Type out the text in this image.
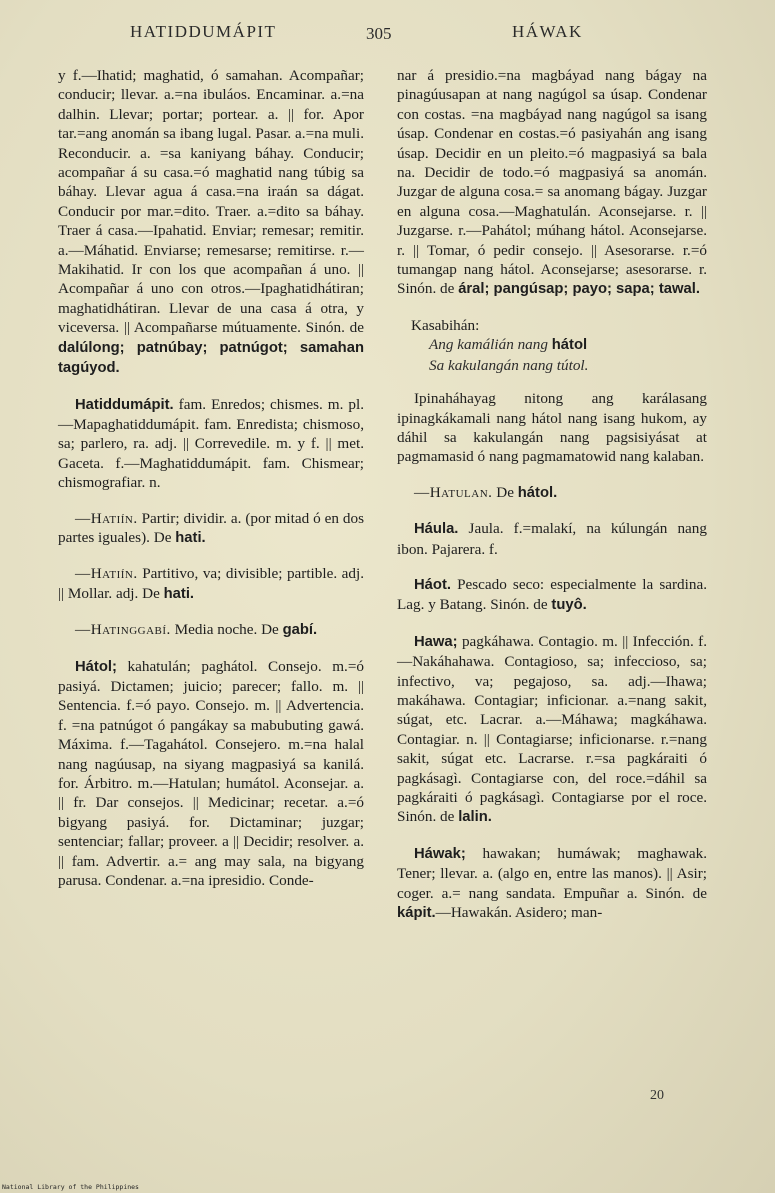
HATIDDUMÁPIT	305	HÁWAK

y f.—Ihatid; maghatid, ó samahan. Acompañar; conducir; llevar. a.=na ibuláos. Encaminar. a.=na dalhin. Llevar; portar; portear. a. || for. Apor tar.=ang anomán sa ibang lugal. Pasar. a.=na muli. Reconducir. a. =sa kaniyang báhay. Conducir; acompañar á su casa.=ó maghatid nang túbig sa báhay. Llevar agua á casa.=na iraán sa dágat. Conducir por mar.=dito. Traer. a.=dito sa báhay. Traer á casa.—Ipahatid. Enviar; remesar; remitir. a.—Máhatid. Enviarse; remesarse; remitirse. r.—Makihatid. Ir con los que acompañan á uno. || Acompañar á uno con otros.—Ipaghatidhátiran; maghatidhátiran. Llevar de una casa á otra, y viceversa. || Acompañarse mútuamente. Sinón. de dalúlong; patnúbay; patnúgot; samahan tagúyod.

Hatiddumápit. fam. Enredos; chismes. m. pl.—Mapaghatiddumápit. fam. Enredista; chismoso, sa; parlero, ra. adj. || Correvedile. m. y f. || met. Gaceta. f.—Maghatiddumápit. fam. Chismear; chismografiar. n.

—Hatiín. Partir; dividir. a. (por mitad ó en dos partes iguales). De hati.

—Hatiín. Partitivo, va; divisible; partible. adj. || Mollar. adj. De hati.

—Hatinggabí. Media noche. De gabí.

Hátol; kahatulán; paghátol. Consejo. m.=ó pasiyá. Dictamen; juicio; parecer; fallo. m. || Sentencia. f.=ó payo. Consejo. m. || Advertencia. f. =na patnúgot ó pangákay sa mabubuting gawá. Máxima. f.—Tagahátol. Consejero. m.=na halal nang nagúusap, na siyang magpasiyá sa kanilá. for. Árbitro. m.—Hatulan; humátol. Aconsejar. a. || fr. Dar consejos. || Medicinar; recetar. a.=ó bigyang pasiyá. for. Dictaminar; juzgar; sentenciar; fallar; proveer. a || Decidir; resolver. a. || fam. Advertir. a.= ang may sala, na bigyang parusa. Condenar. a.=na ipresidio. Conde-

nar á presidio.=na magbáyad nang bágay na pinagúusapan at nang nagúgol sa úsap. Condenar con costas. =na magbáyad nang nagúgol sa isang úsap. Condenar en costas.=ó pasiyahán ang isang úsap. Decidir en un pleito.=ó magpasiyá sa bala na. Decidir de todo.=ó magpasiyá sa anomán. Juzgar de alguna cosa.= sa anomang bágay. Juzgar en alguna cosa.—Maghatulán. Aconsejarse. r. || Juzgarse. r.—Pahátol; múhang hátol. Aconsejarse. r. || Tomar, ó pedir consejo. || Asesorarse. r.=ó tumangap nang hátol. Aconsejarse; asesorarse. r. Sinón. de áral; pangúsap; payo; sapa; tawal.

Kasabihán:
Ang kamálián nang hátol
Sa kakulangán nang tútol.

Ipinaháhayag nitong ang karálasang ipinagkákamali nang hátol nang isang hukom, ay dáhil sa kakulangán nang pagsisiyásat at pagmamasid ó nang pagmamatowid nang kalaban.

—Hatulan. De hátol.

Háula. Jaula. f.=malakí, na kúlungán nang ibon. Pajarera. f.

Háot. Pescado seco: especialmente la sardina. Lag. y Batang. Sinón. de tuyô.

Hawa; pagkáhawa. Contagio. m. || Infección. f.—Nakáhahawa. Contagioso, sa; infeccioso, sa; infectivo, va; pegajoso, sa. adj.—Ihawa; makáhawa. Contagiar; inficionar. a.=nang sakit, súgat, etc. Lacrar. a.—Máhawa; magkáhawa. Contagiar. n. || Contagiarse; inficionarse. r.=nang sakit, súgat etc. Lacrarse. r.=sa pagkáraiti ó pagkásagì. Contagiarse con, del roce.=dáhil sa pagkáraiti ó pagkásagì. Contagiarse por el roce. Sinón. de lalin.

Háwak; hawakan; humáwak; maghawak. Tener; llevar. a. (algo en, entre las manos). || Asir; coger. a.= nang sandata. Empuñar a. Sinón. de kápit.—Hawakán. Asidero; man-

20
National Library of the Philippines
